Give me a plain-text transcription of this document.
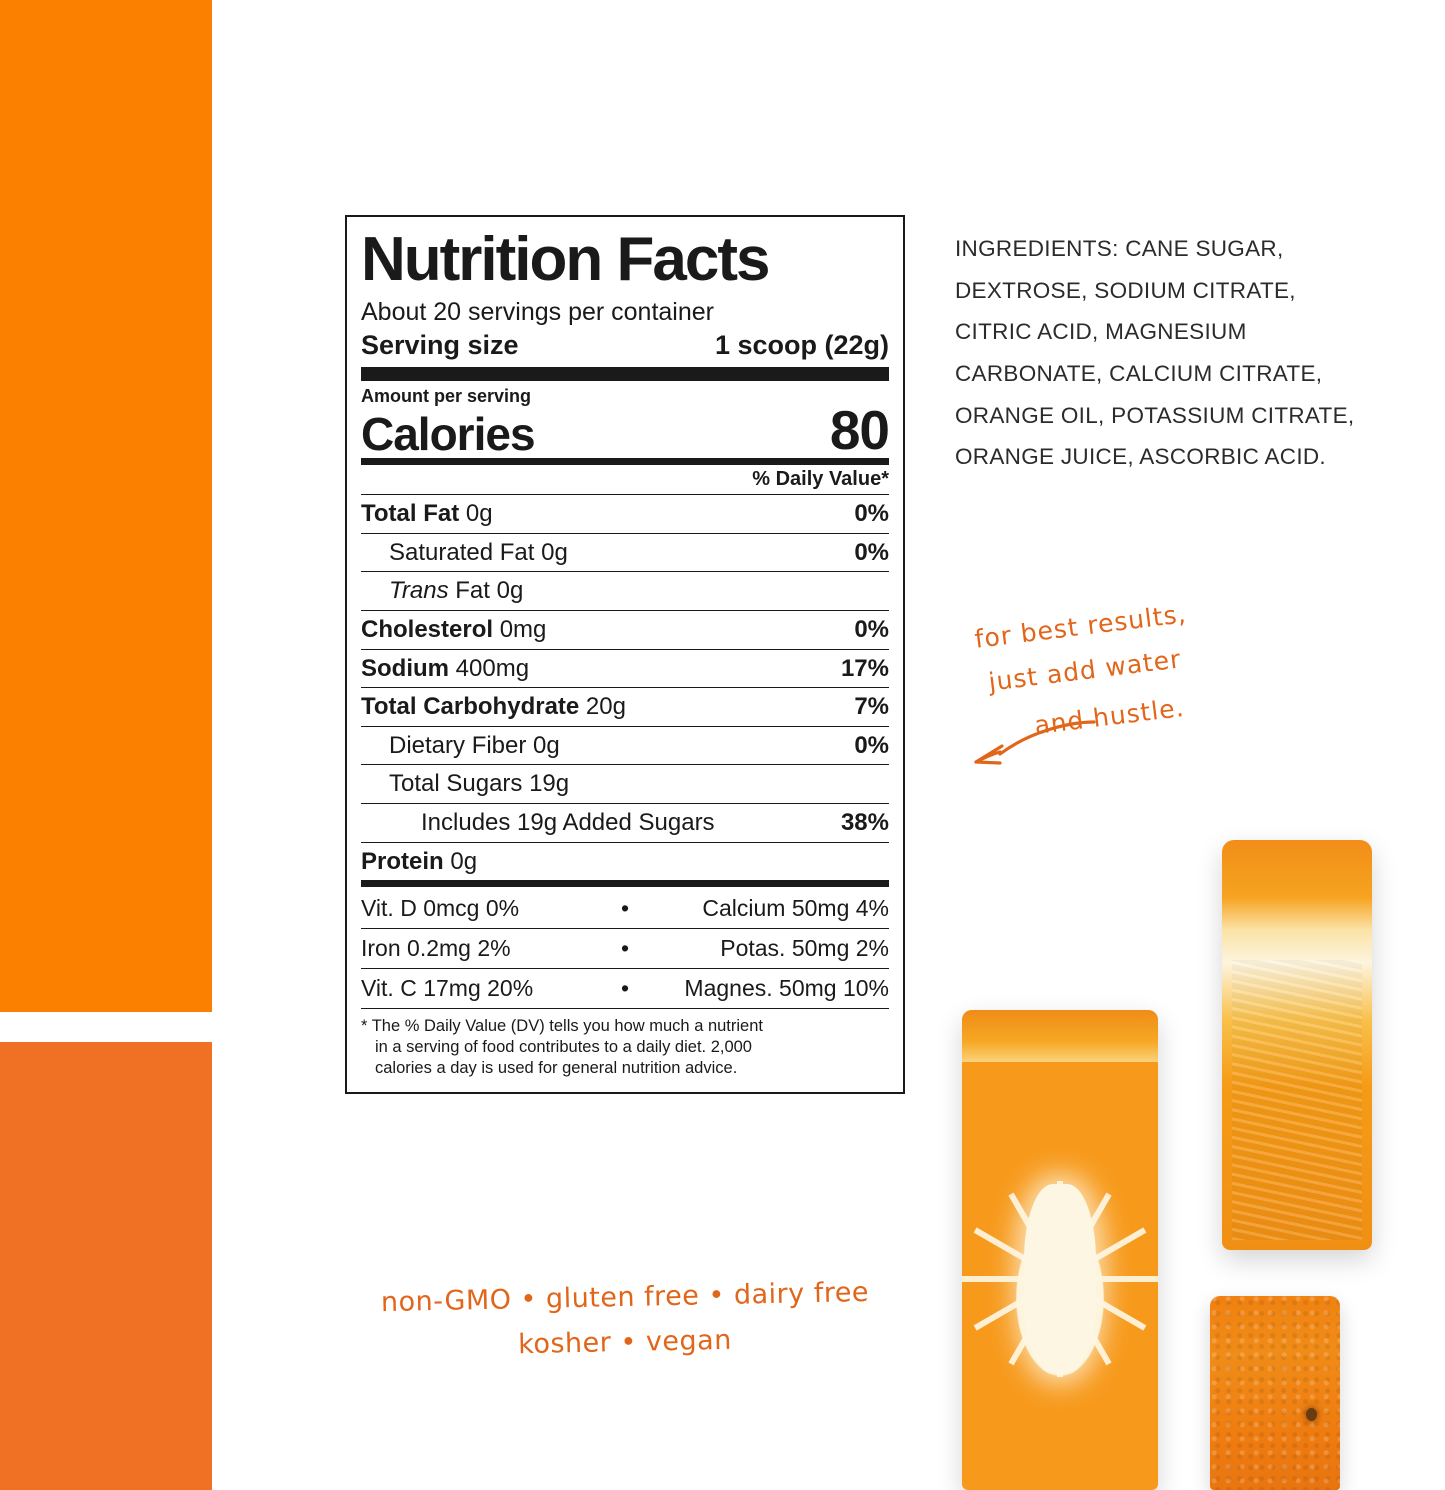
Nutrition Facts
About 20 servings per container
Serving size	1 scoop (22g)
Amount per serving
Calories	80
% Daily Value*
Total Fat 0g	0%
Saturated Fat 0g	0%
Trans Fat 0g
Cholesterol 0mg	0%
Sodium 400mg	17%
Total Carbohydrate 20g	7%
Dietary Fiber 0g	0%
Total Sugars 19g
Includes 19g Added Sugars	38%
Protein 0g
Vit. D 0mcg 0%	•	Calcium 50mg 4%
Iron 0.2mg 2%	•	Potas. 50mg 2%
Vit. C 17mg 20%	•	Magnes. 50mg 10%
* The % Daily Value (DV) tells you how much a nutrient
in a serving of food contributes to a daily diet. 2,000
calories a day is used for general nutrition advice.
INGREDIENTS: CANE SUGAR, DEXTROSE, SODIUM CITRATE, CITRIC ACID, MAGNESIUM CARBONATE, CALCIUM CITRATE, ORANGE OIL, POTASSIUM CITRATE, ORANGE JUICE, ASCORBIC ACID.
for best results,
just add water
and hustle.
non-GMO • gluten free • dairy free
kosher • vegan
